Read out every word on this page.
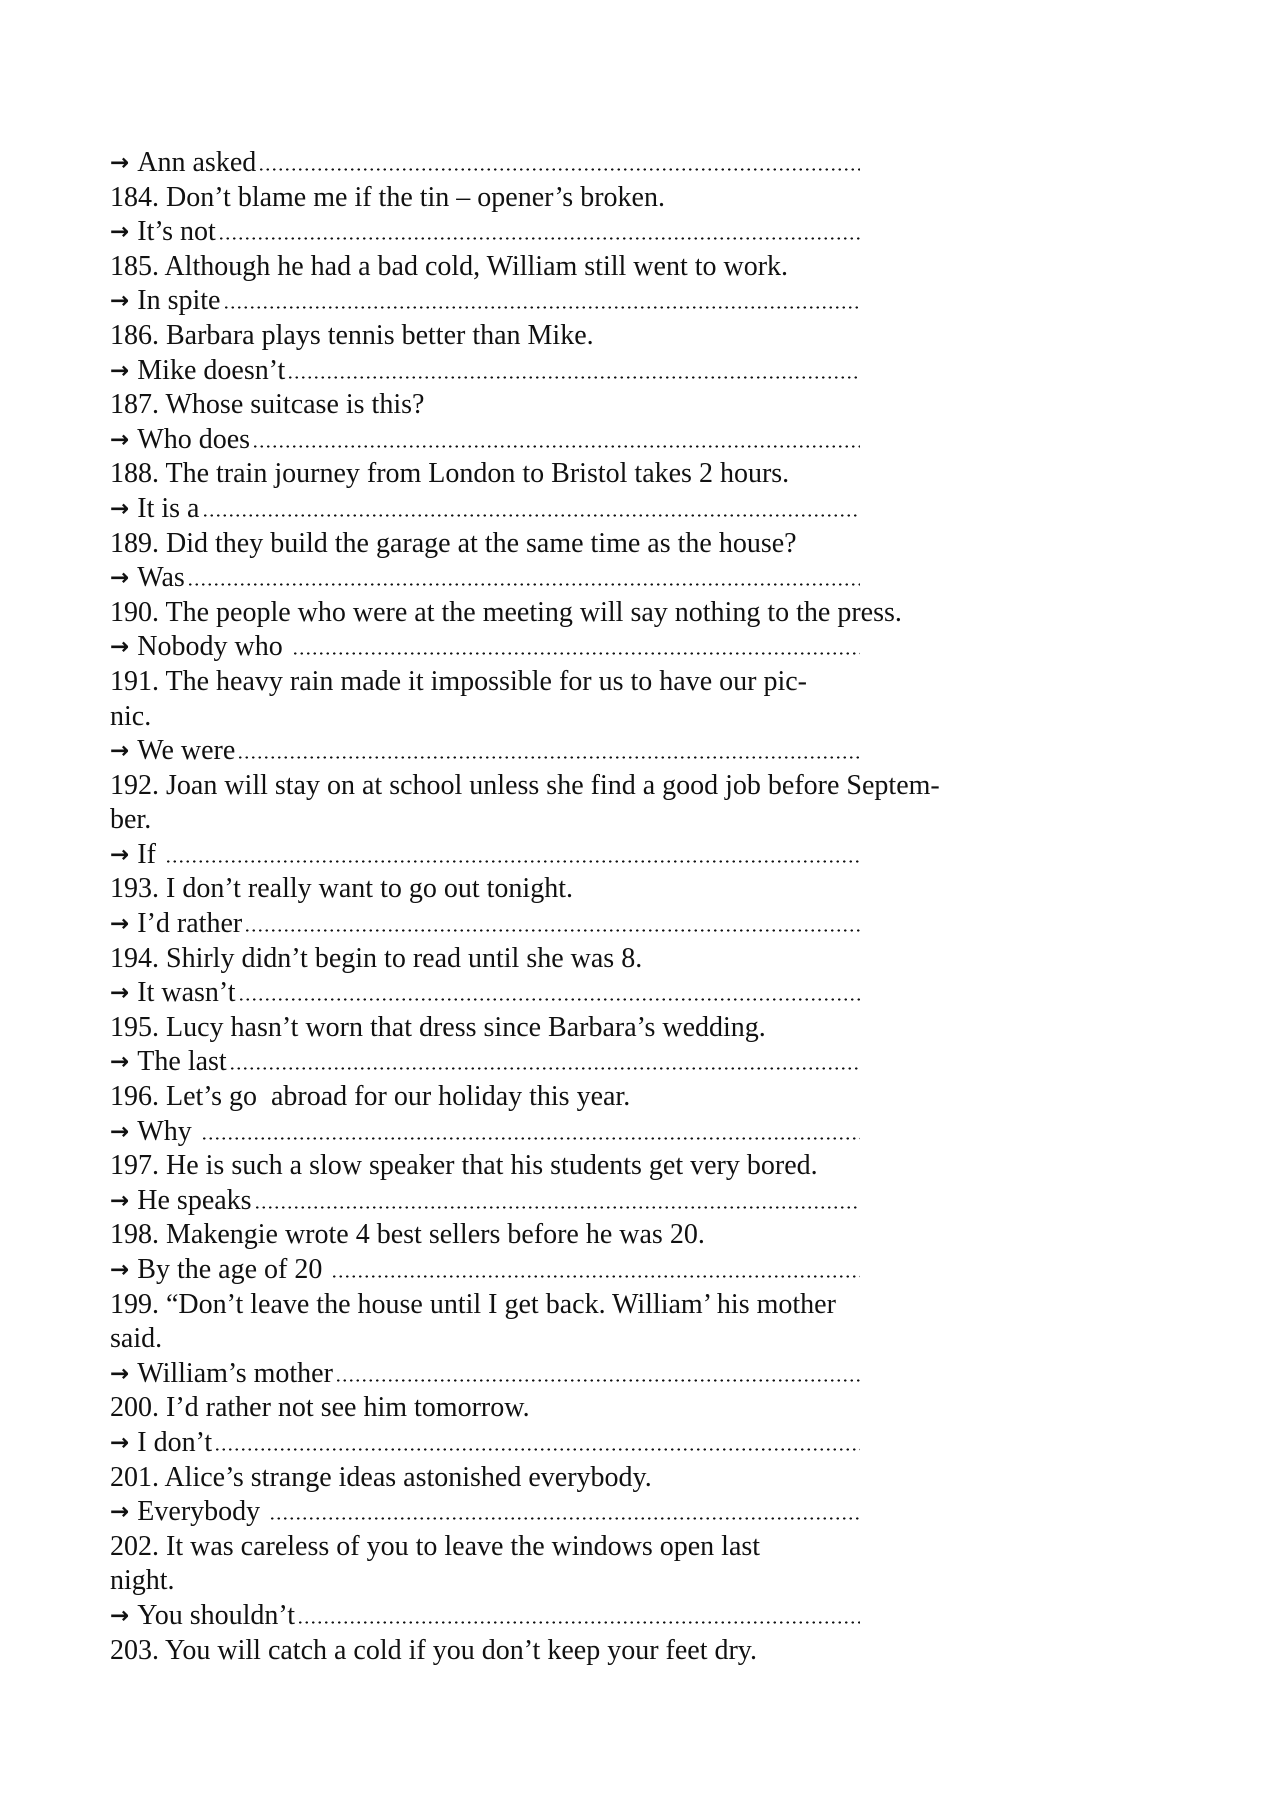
→ Ann asked
184. Don’t blame me if the tin – opener’s broken.
→ It’s not
185. Although he had a bad cold, William still went to work.
→ In spite
186. Barbara plays tennis better than Mike.
→ Mike doesn’t
187. Whose suitcase is this?
→ Who does
188. The train journey from London to Bristol takes 2 hours.
→ It is a
189. Did they build the garage at the same time as the house?
→ Was
190. The people who were at the meeting will say nothing to the press.
→ Nobody who
191. The heavy rain made it impossible for us to have our pic-
nic.
→ We were
192. Joan will stay on at school unless she find a good job before Septem-
ber.
→ If
193. I don’t really want to go out tonight.
→ I’d rather
194. Shirly didn’t begin to read until she was 8.
→ It wasn’t
195. Lucy hasn’t worn that dress since Barbara’s wedding.
→ The last
196. Let’s go  abroad for our holiday this year.
→ Why
197. He is such a slow speaker that his students get very bored.
→ He speaks
198. Makengie wrote 4 best sellers before he was 20.
→ By the age of 20
199. “Don’t leave the house until I get back. William’ his mother
said.
→ William’s mother
200. I’d rather not see him tomorrow.
→ I don’t
201. Alice’s strange ideas astonished everybody.
→ Everybody
202. It was careless of you to leave the windows open last
night.
→ You shouldn’t
203. You will catch a cold if you don’t keep your feet dry.
